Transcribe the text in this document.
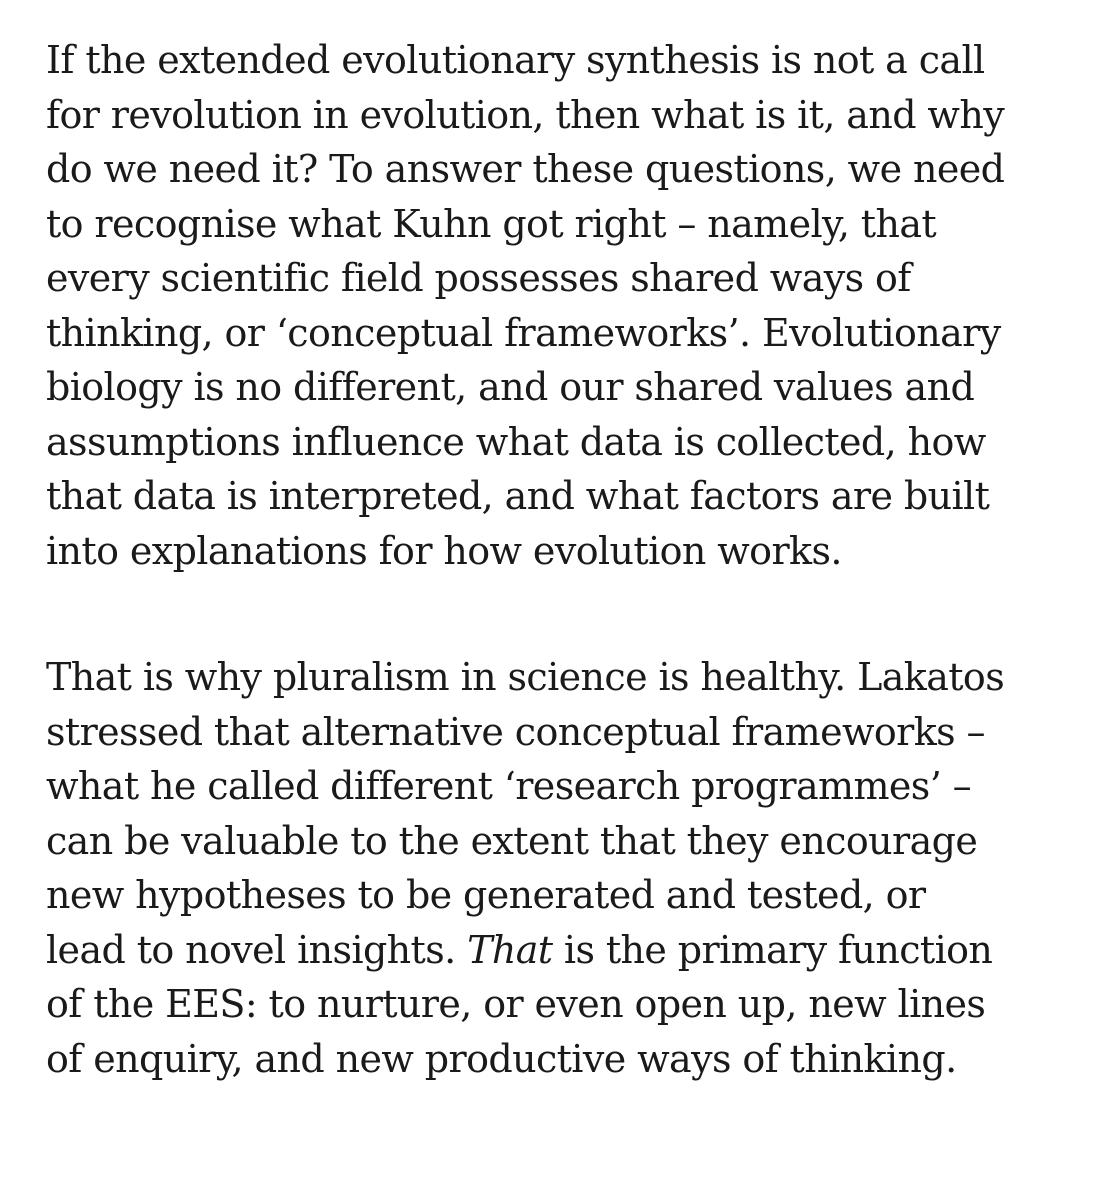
If the extended evolutionary synthesis is not a call
for revolution in evolution, then what is it, and why
do we need it? To answer these questions, we need
to recognise what Kuhn got right – namely, that
every scientific field possesses shared ways of
thinking, or ‘conceptual frameworks’. Evolutionary
biology is no different, and our shared values and
assumptions influence what data is collected, how
that data is interpreted, and what factors are built
into explanations for how evolution works.
That is why pluralism in science is healthy. Lakatos
stressed that alternative conceptual frameworks –
what he called different ‘research programmes’ –
can be valuable to the extent that they encourage
new hypotheses to be generated and tested, or
lead to novel insights. That is the primary function
of the EES: to nurture, or even open up, new lines
of enquiry, and new productive ways of thinking.
